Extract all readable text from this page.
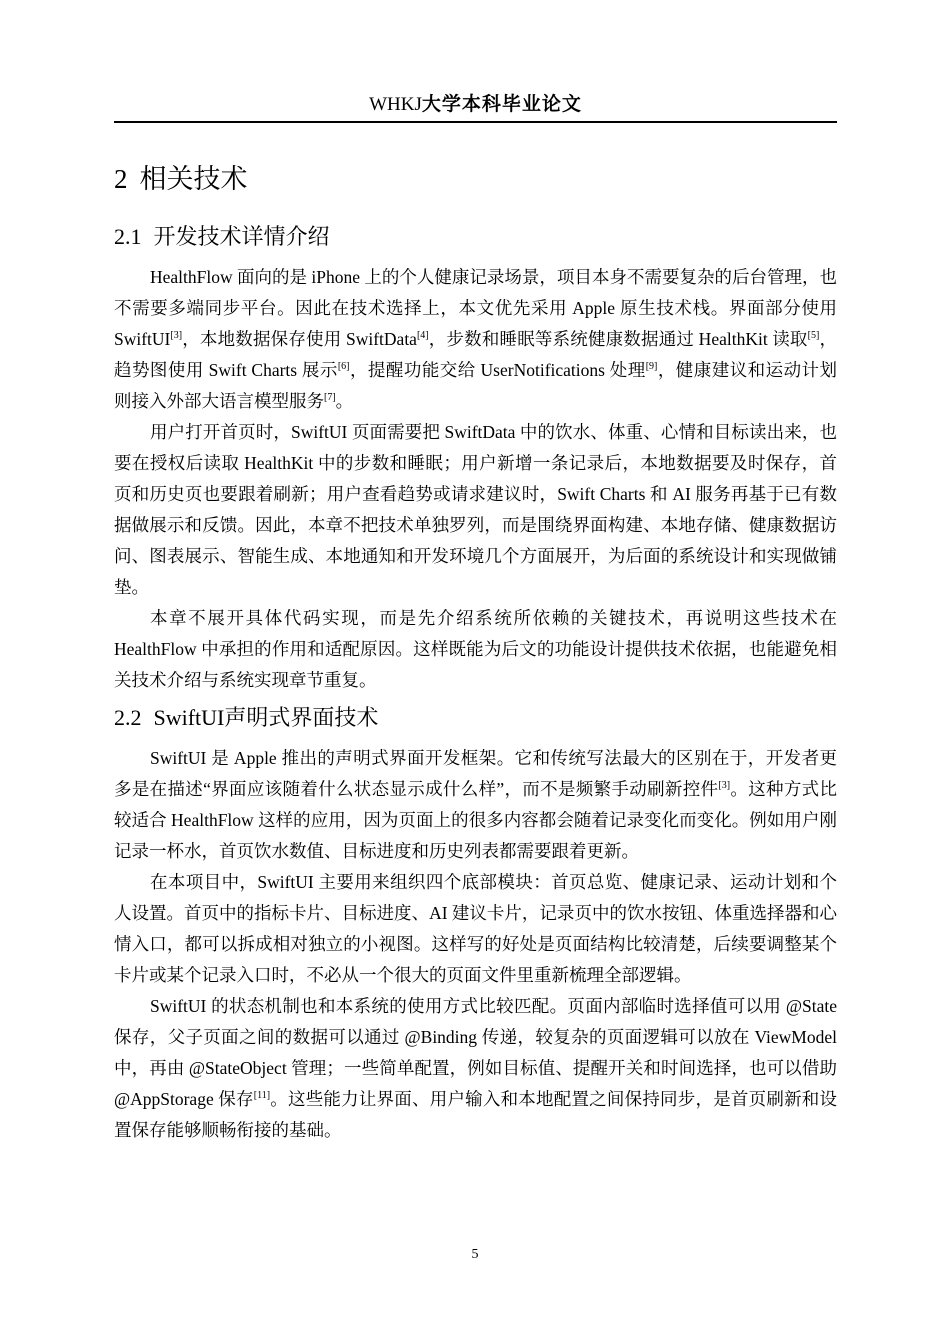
WHKJ大学本科毕业论文
2 相关技术
2.1 开发技术详情介绍

HealthFlow 面向的是 iPhone 上的个人健康记录场景，项目本身不需要复杂的后台管理，也不需要多端同步平台。因此在技术选择上，本文优先采用 Apple 原生技术栈。界面部分使用 SwiftUI[3]，本地数据保存使用 SwiftData[4]，步数和睡眠等系统健康数据通过 HealthKit 读取[5]，趋势图使用 Swift Charts 展示[6]，提醒功能交给 UserNotifications 处理[9]，健康建议和运动计划则接入外部大语言模型服务[7]。

用户打开首页时，SwiftUI 页面需要把 SwiftData 中的饮水、体重、心情和目标读出来，也要在授权后读取 HealthKit 中的步数和睡眠；用户新增一条记录后，本地数据要及时保存，首页和历史页也要跟着刷新；用户查看趋势或请求建议时，Swift Charts 和 AI 服务再基于已有数据做展示和反馈。因此，本章不把技术单独罗列，而是围绕界面构建、本地存储、健康数据访问、图表展示、智能生成、本地通知和开发环境几个方面展开，为后面的系统设计和实现做铺垫。

本章不展开具体代码实现，而是先介绍系统所依赖的关键技术，再说明这些技术在 HealthFlow 中承担的作用和适配原因。这样既能为后文的功能设计提供技术依据，也能避免相关技术介绍与系统实现章节重复。

2.2 SwiftUI声明式界面技术

SwiftUI 是 Apple 推出的声明式界面开发框架。它和传统写法最大的区别在于，开发者更多是在描述“界面应该随着什么状态显示成什么样”，而不是频繁手动刷新控件[3]。这种方式比较适合 HealthFlow 这样的应用，因为页面上的很多内容都会随着记录变化而变化。例如用户刚记录一杯水，首页饮水数值、目标进度和历史列表都需要跟着更新。

在本项目中，SwiftUI 主要用来组织四个底部模块：首页总览、健康记录、运动计划和个人设置。首页中的指标卡片、目标进度、AI 建议卡片，记录页中的饮水按钮、体重选择器和心情入口，都可以拆成相对独立的小视图。这样写的好处是页面结构比较清楚，后续要调整某个卡片或某个记录入口时，不必从一个很大的页面文件里重新梳理全部逻辑。

SwiftUI 的状态机制也和本系统的使用方式比较匹配。页面内部临时选择值可以用 @State 保存，父子页面之间的数据可以通过 @Binding 传递，较复杂的页面逻辑可以放在 ViewModel 中，再由 @StateObject 管理；一些简单配置，例如目标值、提醒开关和时间选择，也可以借助 @AppStorage 保存[11]。这些能力让界面、用户输入和本地配置之间保持同步，是首页刷新和设置保存能够顺畅衔接的基础。

5
